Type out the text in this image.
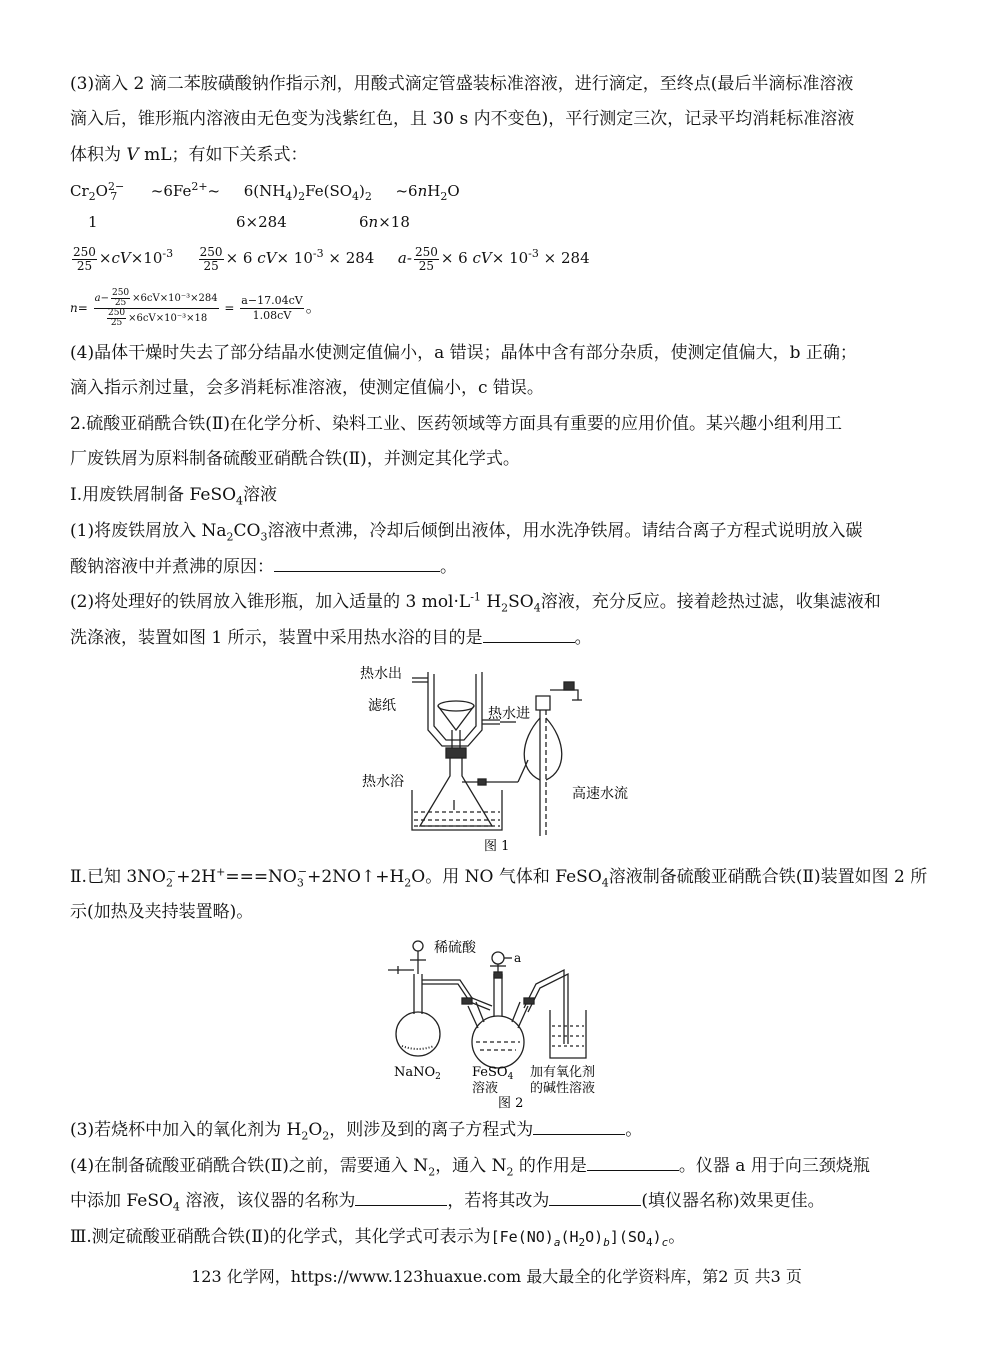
(3)滴入 2 滴二苯胺磺酸钠作指示剂，用酸式滴定管盛装标准溶液，进行滴定，至终点(最后半滴标准溶液
滴入后，锥形瓶内溶液由无色变为浅紫红色，且 30 s 内不变色)，平行测定三次，记录平均消耗标准溶液
体积为 V mL；有如下关系式：
$Cr_2O^{2-}_7$ $\sim 6Fe^{2+}\sim$ $6(NH_4)_2Fe(SO_4)_2$ $\sim 6nH_2O$
1	6×284	6n×18
$\frac{250}{25} \times cV\times 10^{-3} \frac{250}{25} \times 6$ $cV\times 10^{-3} \times 284$ $a- \frac{250}{25} \times 6$ $cV\times 10^{-3} \times 284$
$n= \frac{a- \frac{250}{25} \times 6cV\times 10^{-3}\times 284}{\frac{250}{25} \times 6cV\times 10^{-3}\times 18} = \frac{a-17.04cV}{1.08cV}$ 。
(4)晶体干燥时失去了部分结晶水使测定值偏小，a 错误；晶体中含有部分杂质，使测定值偏大，b 正确；
滴入指示剂过量，会多消耗标准溶液，使测定值偏小，c 错误。
2.硫酸亚硝酰合铁(Ⅱ)在化学分析、染料工业、医药领域等方面具有重要的应用价值。某兴趣小组利用工
厂废铁屑为原料制备硫酸亚硝酰合铁(Ⅱ)，并测定其化学式。
Ⅰ.用废铁屑制备 FeSO$_4$溶液
(1)将废铁屑放入 $Na_2CO_3$溶液中煮沸，冷却后倾倒出液体，用水洗净铁屑。请结合离子方程式说明放入碳
酸钠溶液中并煮沸的原因：	。
(2)将处理好的铁屑放入锥形瓶，加入适量的 3 $mol\cdot L^{-1}$ $H_2SO_4$溶液，充分反应。接着趁热过滤，收集滤液和
洗涤液，装置如图 1 所示，装置中采用热水浴的目的是	。
热水出
滤纸	热水进
热水浴
高速水流
图 1
Ⅱ.已知 $3NO_2^-+2H^+===NO_3^-+2NO↑+H_2O$。用 NO 气体和 FeSO$_4$溶液制备硫酸亚硝酰合铁(Ⅱ)装置如图 2 所
示(加热及夹持装置略)。
稀硫酸
a
NaNO$_2$ FeSO$_4$
溶液
加有氧化剂
的碱性溶液
图 2
(3)若烧杯中加入的氧化剂为 $H_2O_2$，则涉及到的离子方程式为	。
(4)在制备硫酸亚硝酰合铁(Ⅱ)之前，需要通入 $N_2$，通入 $N_2$ 的作用是	。仪器 a 用于向三颈烧瓶
中添加 FeSO$_4$ 溶液，该仪器的名称为	，若将其改为	(填仪器名称)效果更佳。
Ⅲ.测定硫酸亚硝酰合铁(Ⅱ)的化学式，其化学式可表示为$[Fe(NO)_a(H_2O)_b](SO_4)_c$。
123 化学网，https://www.123huaxue.com 最大最全的化学资料库，第2 页 共3 页
